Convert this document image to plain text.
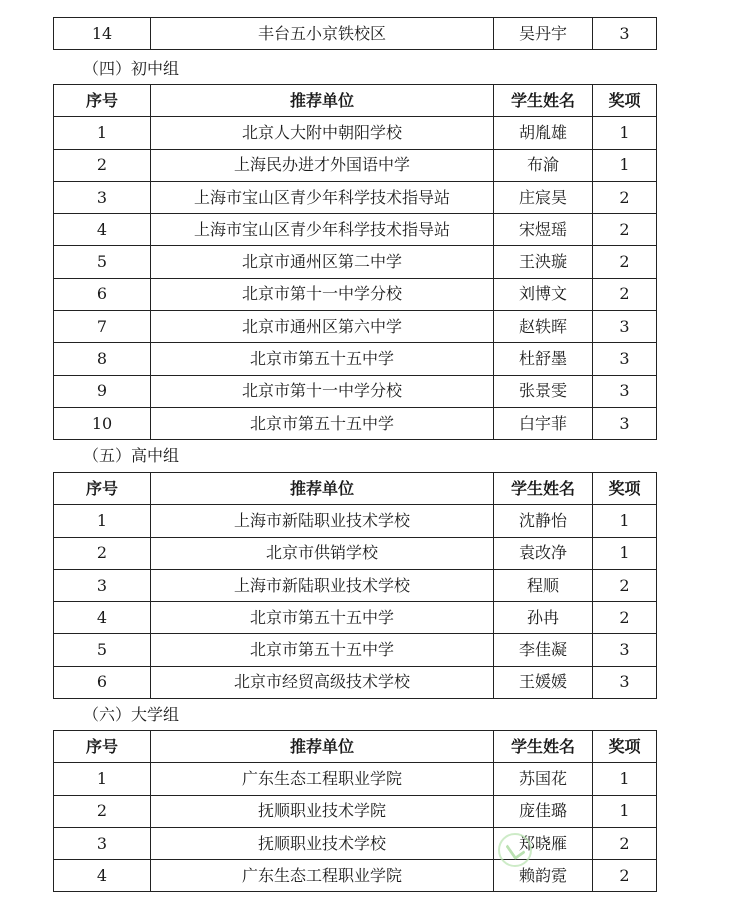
14	丰台五小京铁校区	吴丹宇	3
（四）初中组
序号	推荐单位	学生姓名	奖项
1	北京人大附中朝阳学校	胡胤雄	1
2	上海民办进才外国语中学	布渝	1
3	上海市宝山区青少年科学技术指导站	庄宸昊	2
4	上海市宝山区青少年科学技术指导站	宋煜瑶	2
5	北京市通州区第二中学	王泱璇	2
6	北京市第十一中学分校	刘博文	2
7	北京市通州区第六中学	赵轶晖	3
8	北京市第五十五中学	杜舒墨	3
9	北京市第十一中学分校	张景雯	3
10	北京市第五十五中学	白宇菲	3
（五）高中组
序号	推荐单位	学生姓名	奖项
1	上海市新陆职业技术学校	沈静怡	1
2	北京市供销学校	袁改净	1
3	上海市新陆职业技术学校	程顺	2
4	北京市第五十五中学	孙冉	2
5	北京市第五十五中学	李佳凝	3
6	北京市经贸高级技术学校	王媛媛	3
（六）大学组
序号	推荐单位	学生姓名	奖项
1	广东生态工程职业学院	苏国花	1
2	抚顺职业技术学院	庞佳璐	1
3	抚顺职业技术学校	郑晓雁	2
4	广东生态工程职业学院	赖韵霓	2
